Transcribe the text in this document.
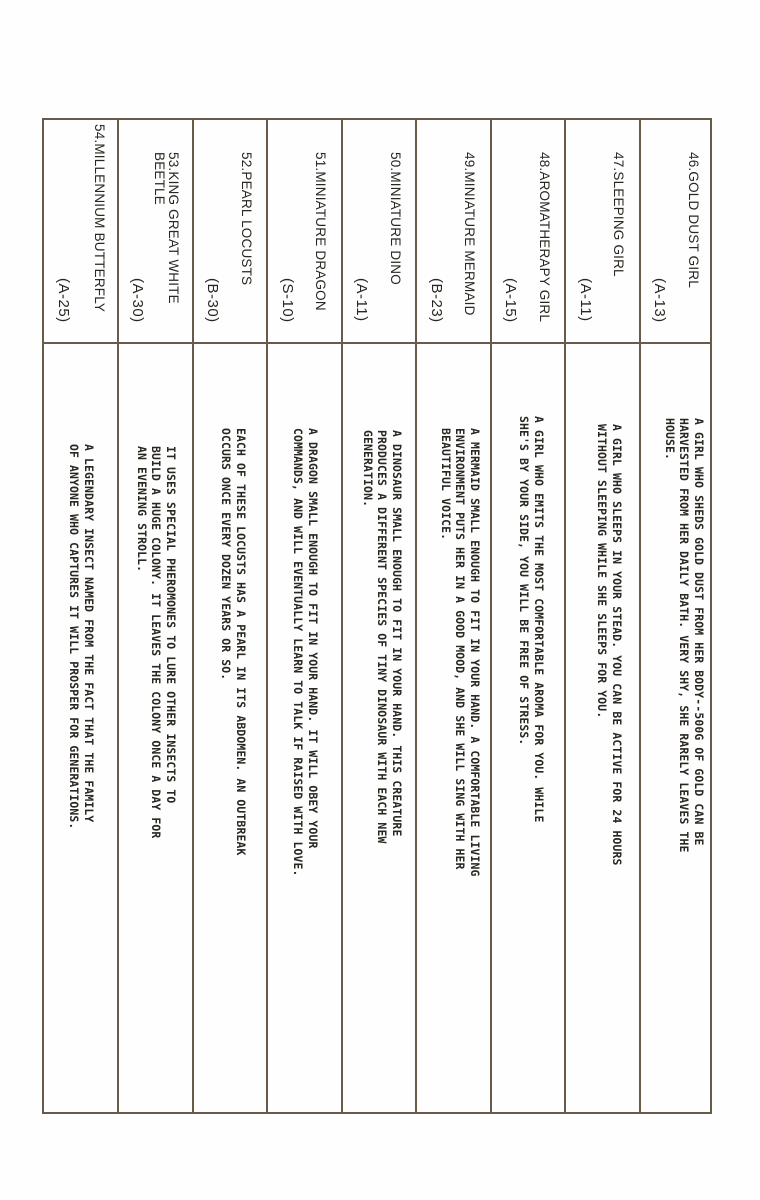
46.GOLD DUST GIRL
(A-13)
A GIRL WHO SHEDS GOLD DUST FROM HER BODY--500G OF GOLD CAN BE
HARVESTED FROM HER DAILY BATH. VERY SHY, SHE RARELY LEAVES THE
HOUSE.
47.SLEEPING GIRL
(A-11)
A GIRL WHO SLEEPS IN YOUR STEAD. YOU CAN BE ACTIVE FOR 24 HOURS
WITHOUT SLEEPING WHILE SHE SLEEPS FOR YOU.
48.AROMATHERAPY GIRL
(A-15)
A GIRL WHO EMITS THE MOST COMFORTABLE AROMA FOR YOU. WHILE
SHE'S BY YOUR SIDE, YOU WILL BE FREE OF STRESS.
49.MINIATURE MERMAID
(B-23)
A MERMAID SMALL ENOUGH TO FIT IN YOUR HAND. A COMFORTABLE LIVING
ENVIRONMENT PUTS HER IN A GOOD MOOD, AND SHE WILL SING WITH HER
BEAUTIFUL VOICE.
50.MINIATURE DINO
(A-11)
A DINOSAUR SMALL ENOUGH TO FIT IN YOUR HAND. THIS CREATURE
PRODUCES A DIFFERENT SPECIES OF TINY DINOSAUR WITH EACH NEW
GENERATION.
51.MINIATURE DRAGON
(S-10)
A DRAGON SMALL ENOUGH TO FIT IN YOUR HAND. IT WILL OBEY YOUR
COMMANDS, AND WILL EVENTUALLY LEARN TO TALK IF RAISED WITH LOVE.
52.PEARL LOCUSTS
(B-30)
EACH OF THESE LOCUSTS HAS A PEARL IN ITS ABDOMEN. AN OUTBREAK
OCCURS ONCE EVERY DOZEN YEARS OR SO.
53.KING GREAT WHITE
BEETLE
(A-30)
IT USES SPECIAL PHEROMONES TO LURE OTHER INSECTS TO
BUILD A HUGE COLONY. IT LEAVES THE COLONY ONCE A DAY FOR
AN EVENING STROLL.
54.MILLENNIUM BUTTERFLY
(A-25)
A LEGENDARY INSECT NAMED FROM THE FACT THAT THE FAMILY
OF ANYONE WHO CAPTURES IT WILL PROSPER FOR GENERATIONS.
